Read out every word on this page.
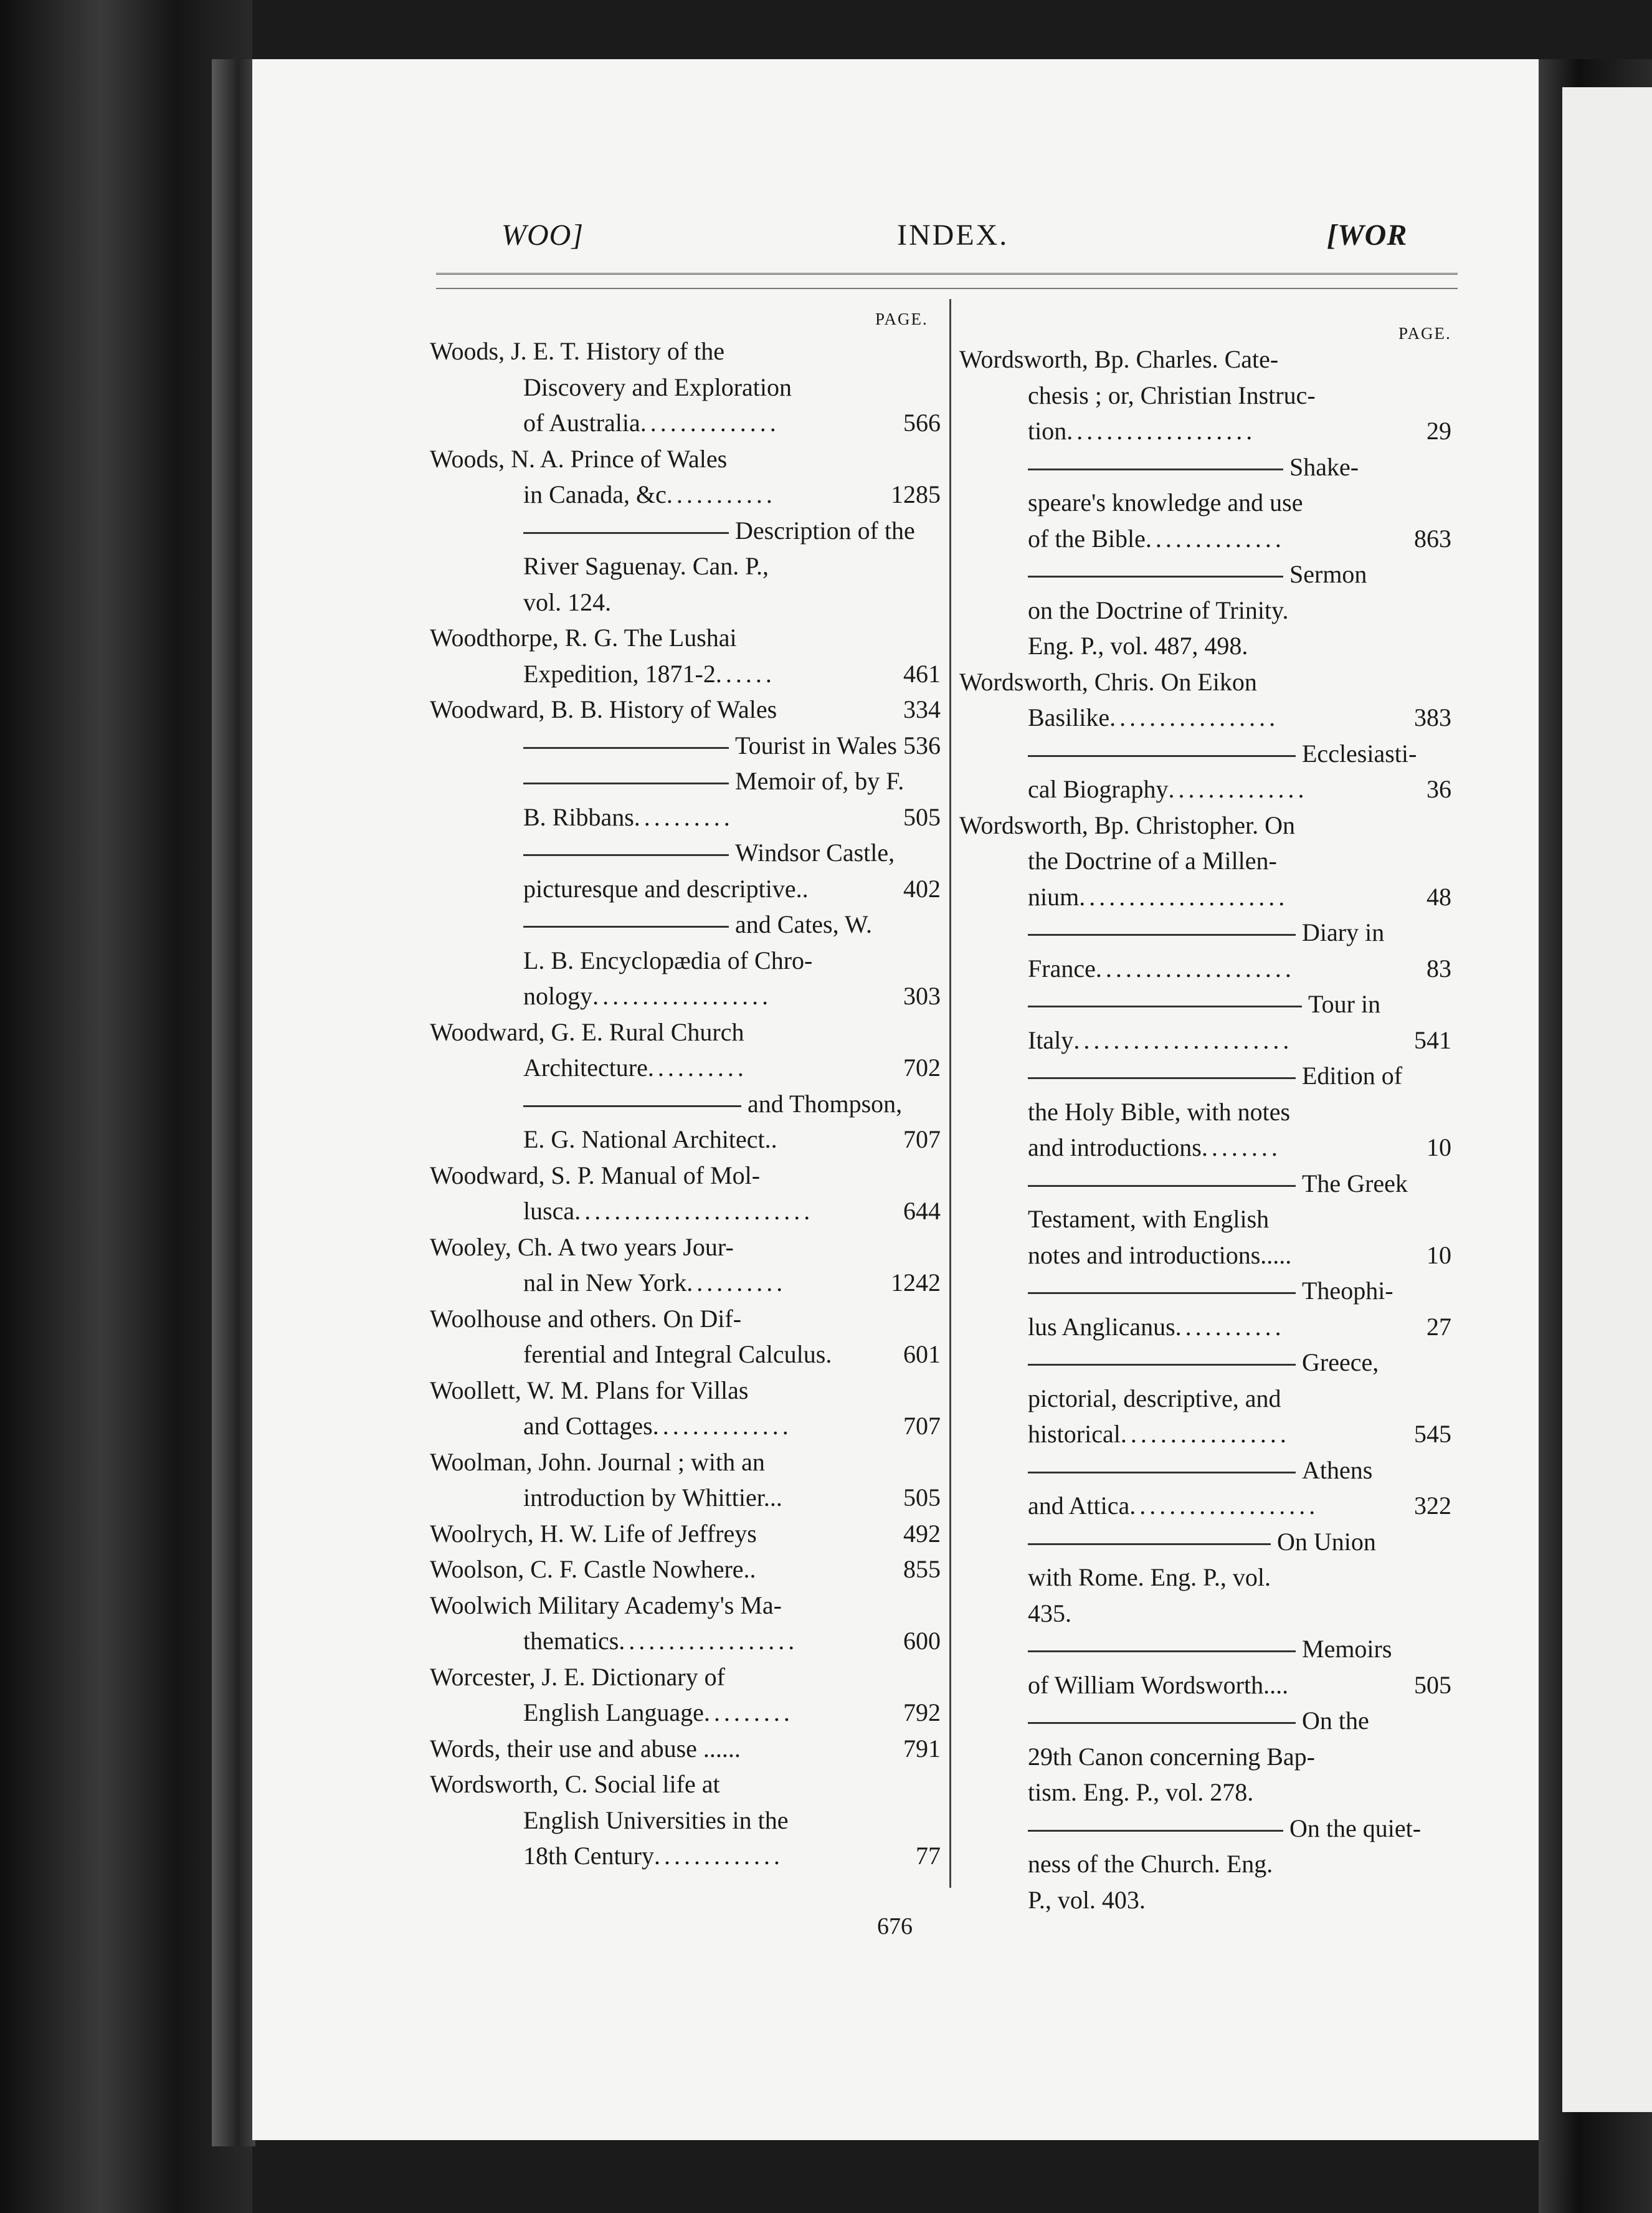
WOO]	INDEX.	[WOR
PAGE.
PAGE.
Woods, J. E. T. History of the
Discovery and Exploration
of Australia..............	566
Woods, N. A. Prince of Wales
in Canada, &c...........	1285
Description of the
River Saguenay. Can. P.,
vol. 124.
Woodthorpe, R. G. The Lushai
Expedition, 1871-2......	461
Woodward, B. B. History of Wales	334
Tourist in Wales 536
Memoir of, by F.
B. Ribbans..........	505
Windsor Castle,
picturesque and descriptive..	402
and Cates, W.
L. B. Encyclopædia of Chro-
nology..................	303
Woodward, G. E. Rural Church
Architecture..........	702
and Thompson,
E. G. National Architect..	707
Woodward, S. P. Manual of Mol-
lusca........................	644
Wooley, Ch. A two years Jour-
nal in New York..........	1242
Woolhouse and others. On Dif-
ferential and Integral Calculus.	601
Woollett, W. M. Plans for Villas
and Cottages..............	707
Woolman, John. Journal ; with an
introduction by Whittier...	505
Woolrych, H. W. Life of Jeffreys	492
Woolson, C. F. Castle Nowhere..	855
Woolwich Military Academy's Ma-
thematics..................	600
Worcester, J. E. Dictionary of
English Language.........	792
Words, their use and abuse ......	791
Wordsworth, C. Social life at
English Universities in the
18th Century.............	77
Wordsworth, Bp. Charles. Cate-
chesis ; or, Christian Instruc-
tion...................	29
Shake-
speare's knowledge and use
of the Bible..............	863
Sermon
on the Doctrine of Trinity.
Eng. P., vol. 487, 498.
Wordsworth, Chris. On Eikon
Basilike.................	383
Ecclesiasti-
cal Biography..............	36
Wordsworth, Bp. Christopher. On
the Doctrine of a Millen-
nium.....................	48
Diary in
France....................	83
Tour in
Italy......................	541
Edition of
the Holy Bible, with notes
and introductions........	10
The Greek
Testament, with English
notes and introductions.....	10
Theophi-
lus Anglicanus...........	27
Greece,
pictorial, descriptive, and
historical.................	545
Athens
and Attica...................	322
On Union
with Rome. Eng. P., vol.
435.
Memoirs
of William Wordsworth....	505
On the
29th Canon concerning Bap-
tism. Eng. P., vol. 278.
On the quiet-
ness of the Church. Eng.
P., vol. 403.
676
